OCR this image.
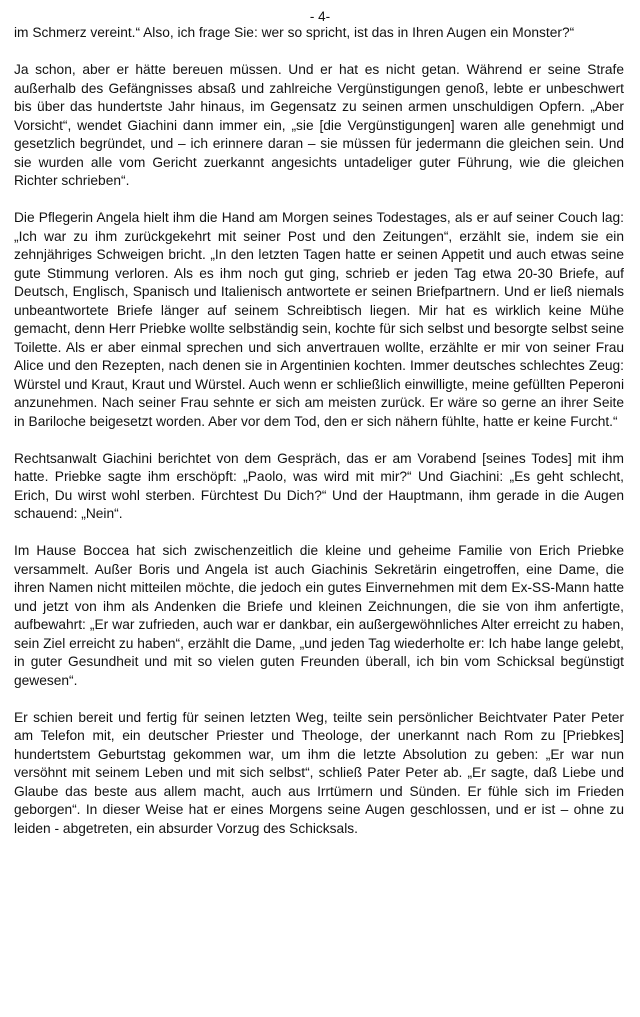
- 4-

im Schmerz vereint.“ Also, ich frage Sie: wer so spricht, ist das in Ihren Augen ein Monster?“

Ja schon, aber er hätte bereuen müssen. Und er hat es nicht getan. Während er seine Strafe außerhalb des Gefängnisses absaß und zahlreiche Vergünstigungen genoß, lebte er unbeschwert bis über das hundertste Jahr hinaus, im Gegensatz zu seinen armen unschuldigen Opfern. „Aber Vorsicht“, wendet Giachini dann immer ein, „sie [die Vergünstigungen] waren alle genehmigt und gesetzlich begründet, und – ich erinnere daran – sie müssen für jedermann die gleichen sein. Und sie wurden alle vom Gericht zuerkannt angesichts untadeliger guter Führung, wie die gleichen Richter schrieben“.

Die Pflegerin Angela hielt ihm die Hand am Morgen seines Todestages, als er auf seiner Couch lag: „Ich war zu ihm zurückgekehrt mit seiner Post und den Zeitungen“, erzählt sie, indem sie ein zehnjähriges Schweigen bricht. „In den letzten Tagen hatte er seinen Appetit und auch etwas seine gute Stimmung verloren. Als es ihm noch gut ging, schrieb er jeden Tag etwa 20-30 Briefe, auf Deutsch, Englisch, Spanisch und Italienisch antwortete er seinen Briefpartnern. Und er ließ niemals unbeantwortete Briefe länger auf seinem Schreibtisch liegen. Mir hat es wirklich keine Mühe gemacht, denn Herr Priebke wollte selbständig sein, kochte für sich selbst und besorgte selbst seine Toilette. Als er aber einmal sprechen und sich anvertrauen wollte, erzählte er mir von seiner Frau Alice und den Rezepten, nach denen sie in Argentinien kochten. Immer deutsches schlechtes Zeug: Würstel und Kraut, Kraut und Würstel. Auch wenn er schließlich einwilligte, meine gefüllten Peperoni anzunehmen. Nach seiner Frau sehnte er sich am meisten zurück. Er wäre so gerne an ihrer Seite in Bariloche beigesetzt worden. Aber vor dem Tod, den er sich nähern fühlte, hatte er keine Furcht.“

Rechtsanwalt Giachini berichtet von dem Gespräch, das er am Vorabend [seines Todes] mit ihm hatte. Priebke sagte ihm erschöpft: „Paolo, was wird mit mir?“ Und Giachini: „Es geht schlecht, Erich, Du wirst wohl sterben. Fürchtest Du Dich?“ Und der Hauptmann, ihm gerade in die Augen schauend: „Nein“.

Im Hause Boccea hat sich zwischenzeitlich die kleine und geheime Familie von Erich Priebke versammelt. Außer Boris und Angela ist auch Giachinis Sekretärin eingetroffen, eine Dame, die ihren Namen nicht mitteilen möchte, die jedoch ein gutes Einvernehmen mit dem Ex-SS-Mann hatte und jetzt von ihm als Andenken die Briefe und kleinen Zeichnungen, die sie von ihm anfertigte, aufbewahrt: „Er war zufrieden, auch war er dankbar, ein außergewöhnliches Alter erreicht zu haben, sein Ziel erreicht zu haben“, erzählt die Dame, „und jeden Tag wiederholte er: Ich habe lange gelebt, in guter Gesundheit und mit so vielen guten Freunden überall, ich bin vom Schicksal begünstigt gewesen“.

Er schien bereit und fertig für seinen letzten Weg, teilte sein persönlicher Beichtvater Pater Peter am Telefon mit, ein deutscher Priester und Theologe, der unerkannt nach Rom zu [Priebkes] hundertstem Geburtstag gekommen war, um ihm die letzte Absolution zu geben: „Er war nun versöhnt mit seinem Leben und mit sich selbst“, schließ Pater Peter ab. „Er sagte, daß Liebe und Glaube das beste aus allem macht, auch aus Irrtümern und Sünden. Er fühle sich im Frieden geborgen“. In dieser Weise hat er eines Morgens seine Augen geschlossen, und er ist – ohne zu leiden - abgetreten, ein absurder Vorzug des Schicksals.
